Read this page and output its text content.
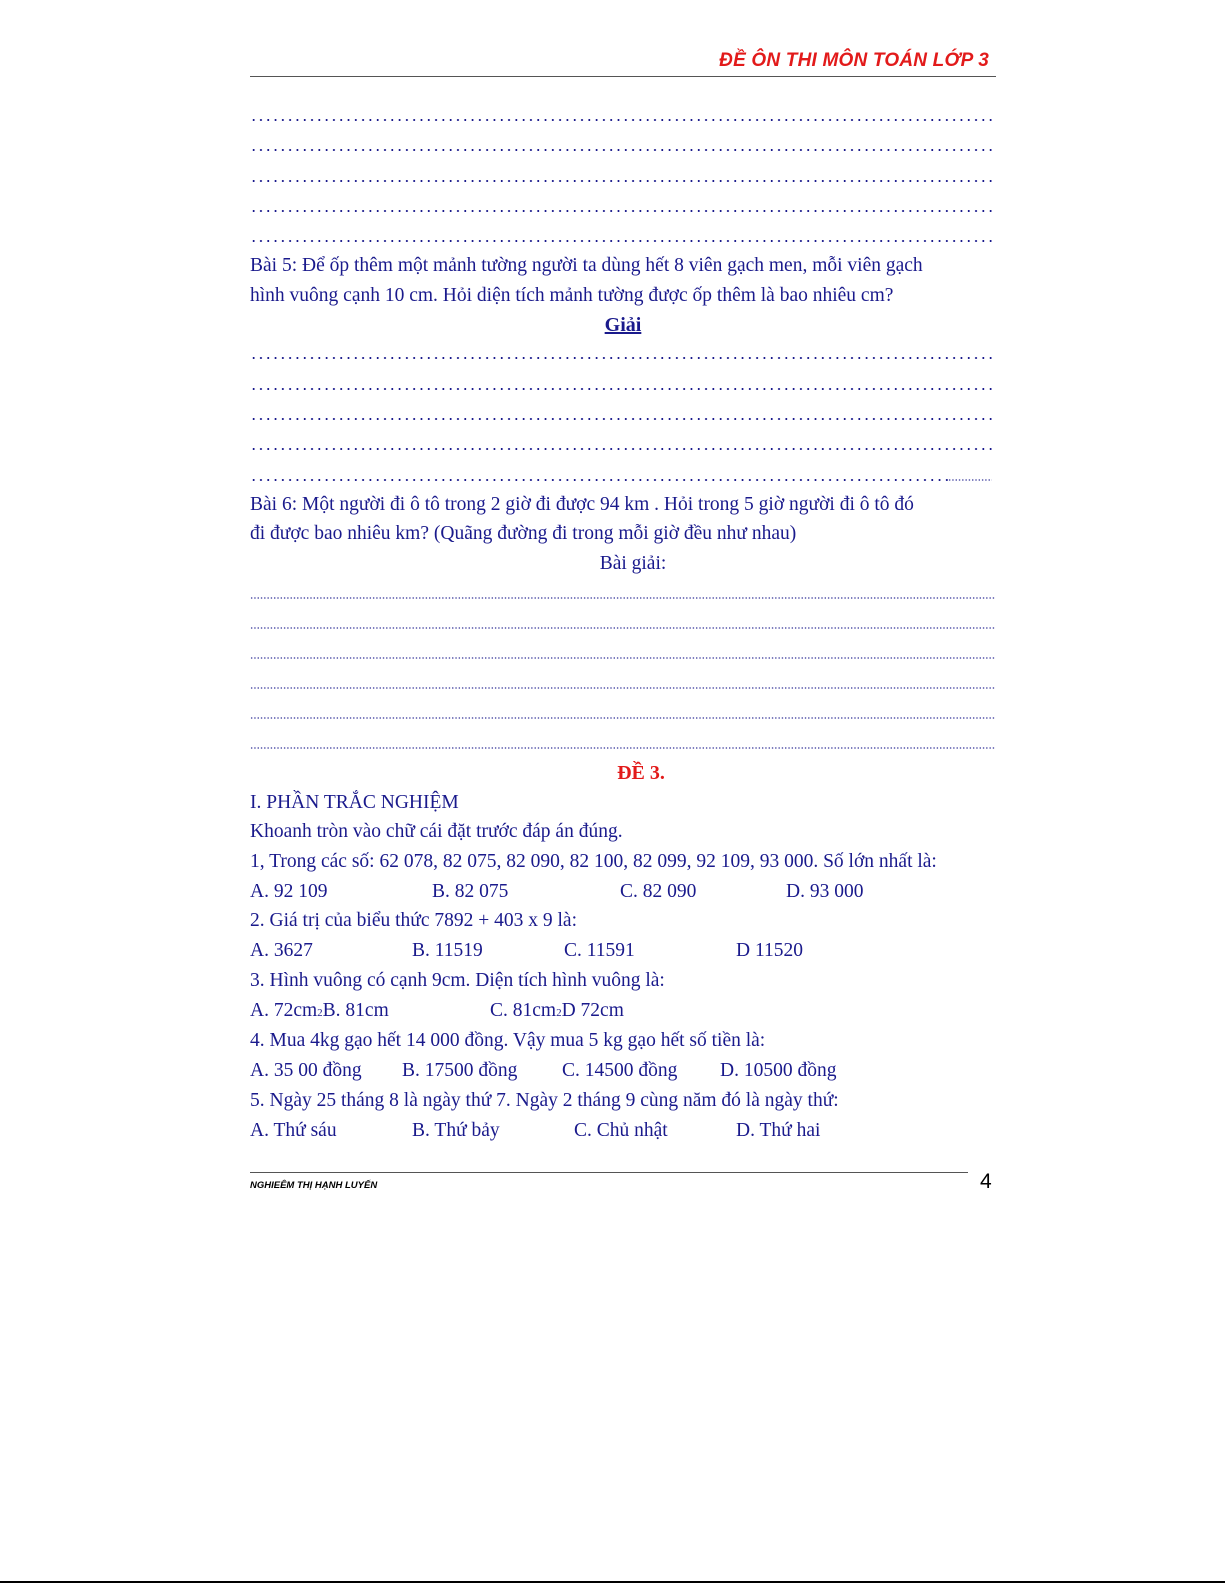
ĐỀ ÔN THI MÔN TOÁN LỚP 3
Bài 5: Để ốp thêm một mảnh tường người ta dùng hết 8 viên gạch men, mỗi viên gạch
hình vuông cạnh 10 cm. Hỏi diện tích mảnh tường được ốp thêm là bao nhiêu cm?
Giải
Bài 6: Một người đi ô tô trong 2 giờ đi được 94 km . Hỏi trong 5 giờ người đi ô tô đó
đi được bao nhiêu km? (Quãng đường đi trong mỗi giờ đều như nhau)
Bài giải:
ĐỀ 3.
I. PHẦN TRẮC NGHIỆM
Khoanh tròn vào chữ cái đặt trước đáp án đúng.
1, Trong các số: 62 078, 82 075, 82 090, 82 100, 82 099, 92 109, 93 000. Số lớn nhất là:
A. 92 109	B. 82 075	C. 82 090	D. 93 000
2. Giá trị của biểu thức 7892 + 403 x 9 là:
A. 3627	B. 11519	C. 11591	D 11520
3. Hình vuông có cạnh 9cm. Diện tích hình vuông là:
A. 72cm2B. 81cm	C. 81cm2D 72cm
4. Mua 4kg gạo hết 14 000 đồng. Vậy mua 5 kg gạo hết số tiền là:
A. 35 00 đồng B. 17500 đồng C. 14500 đồng D. 10500 đồng
5. Ngày 25 tháng 8 là ngày thứ 7. Ngày 2 tháng 9 cùng năm đó là ngày thứ:
A. Thứ sáu	B. Thứ bảy	C. Chủ nhật	D. Thứ hai
NGHIEÊM THỊ HẠNH LUYẾN	4
